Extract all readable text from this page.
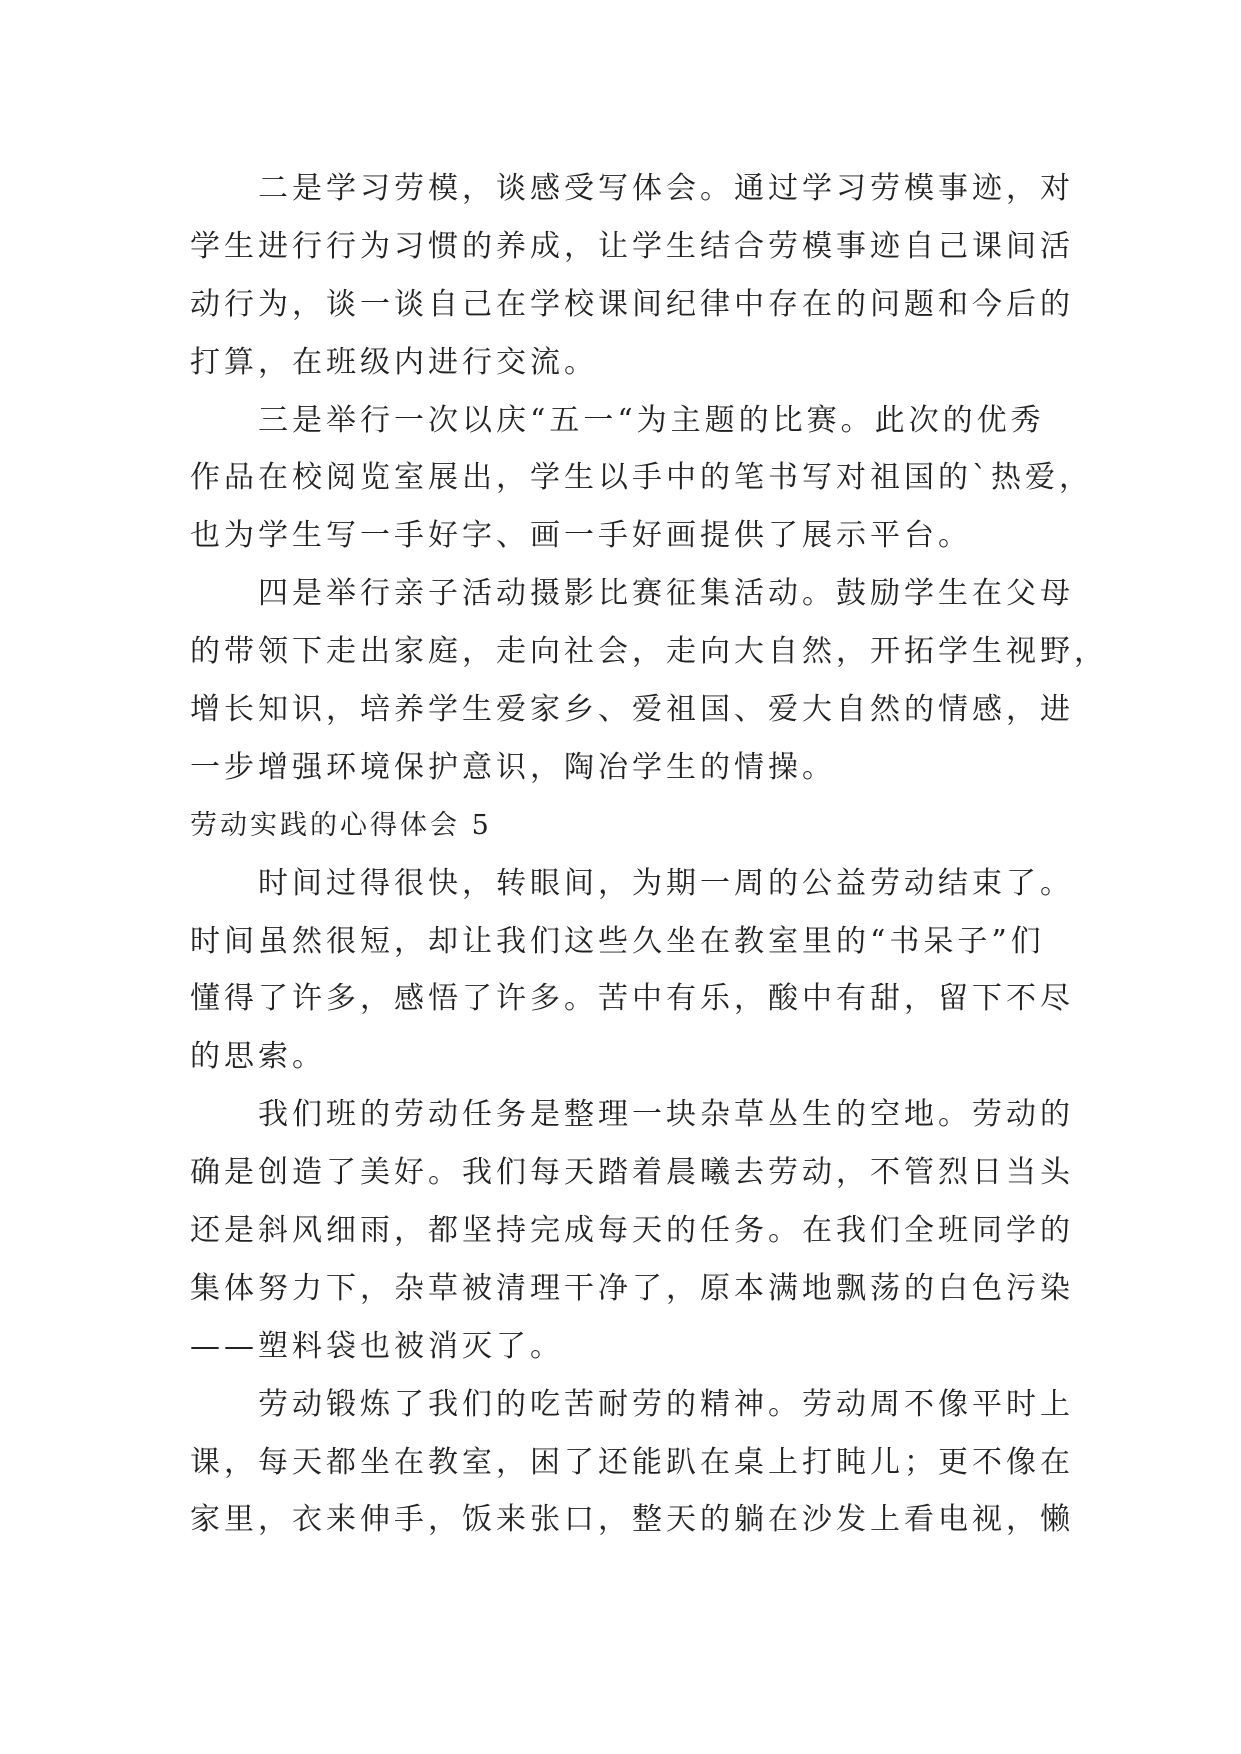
二是学习劳模，谈感受写体会。通过学习劳模事迹，对
学生进行行为习惯的养成，让学生结合劳模事迹自己课间活
动行为，谈一谈自己在学校课间纪律中存在的问题和今后的
打算，在班级内进行交流。
三是举行一次以庆“五一“为主题的比赛。此次的优秀
作品在校阅览室展出，学生以手中的笔书写对祖国的`热爱，
也为学生写一手好字、画一手好画提供了展示平台。
四是举行亲子活动摄影比赛征集活动。鼓励学生在父母
的带领下走出家庭，走向社会，走向大自然，开拓学生视野，
增长知识，培养学生爱家乡、爱祖国、爱大自然的情感，进
一步增强环境保护意识，陶冶学生的情操。
劳动实践的心得体会 5
时间过得很快，转眼间，为期一周的公益劳动结束了。
时间虽然很短，却让我们这些久坐在教室里的“书呆子”们
懂得了许多，感悟了许多。苦中有乐，酸中有甜，留下不尽
的思索。
我们班的劳动任务是整理一块杂草丛生的空地。劳动的
确是创造了美好。我们每天踏着晨曦去劳动，不管烈日当头
还是斜风细雨，都坚持完成每天的任务。在我们全班同学的
集体努力下，杂草被清理干净了，原本满地飘荡的白色污染
——塑料袋也被消灭了。
劳动锻炼了我们的吃苦耐劳的精神。劳动周不像平时上
课，每天都坐在教室，困了还能趴在桌上打盹儿；更不像在
家里，衣来伸手，饭来张口，整天的躺在沙发上看电视，懒
